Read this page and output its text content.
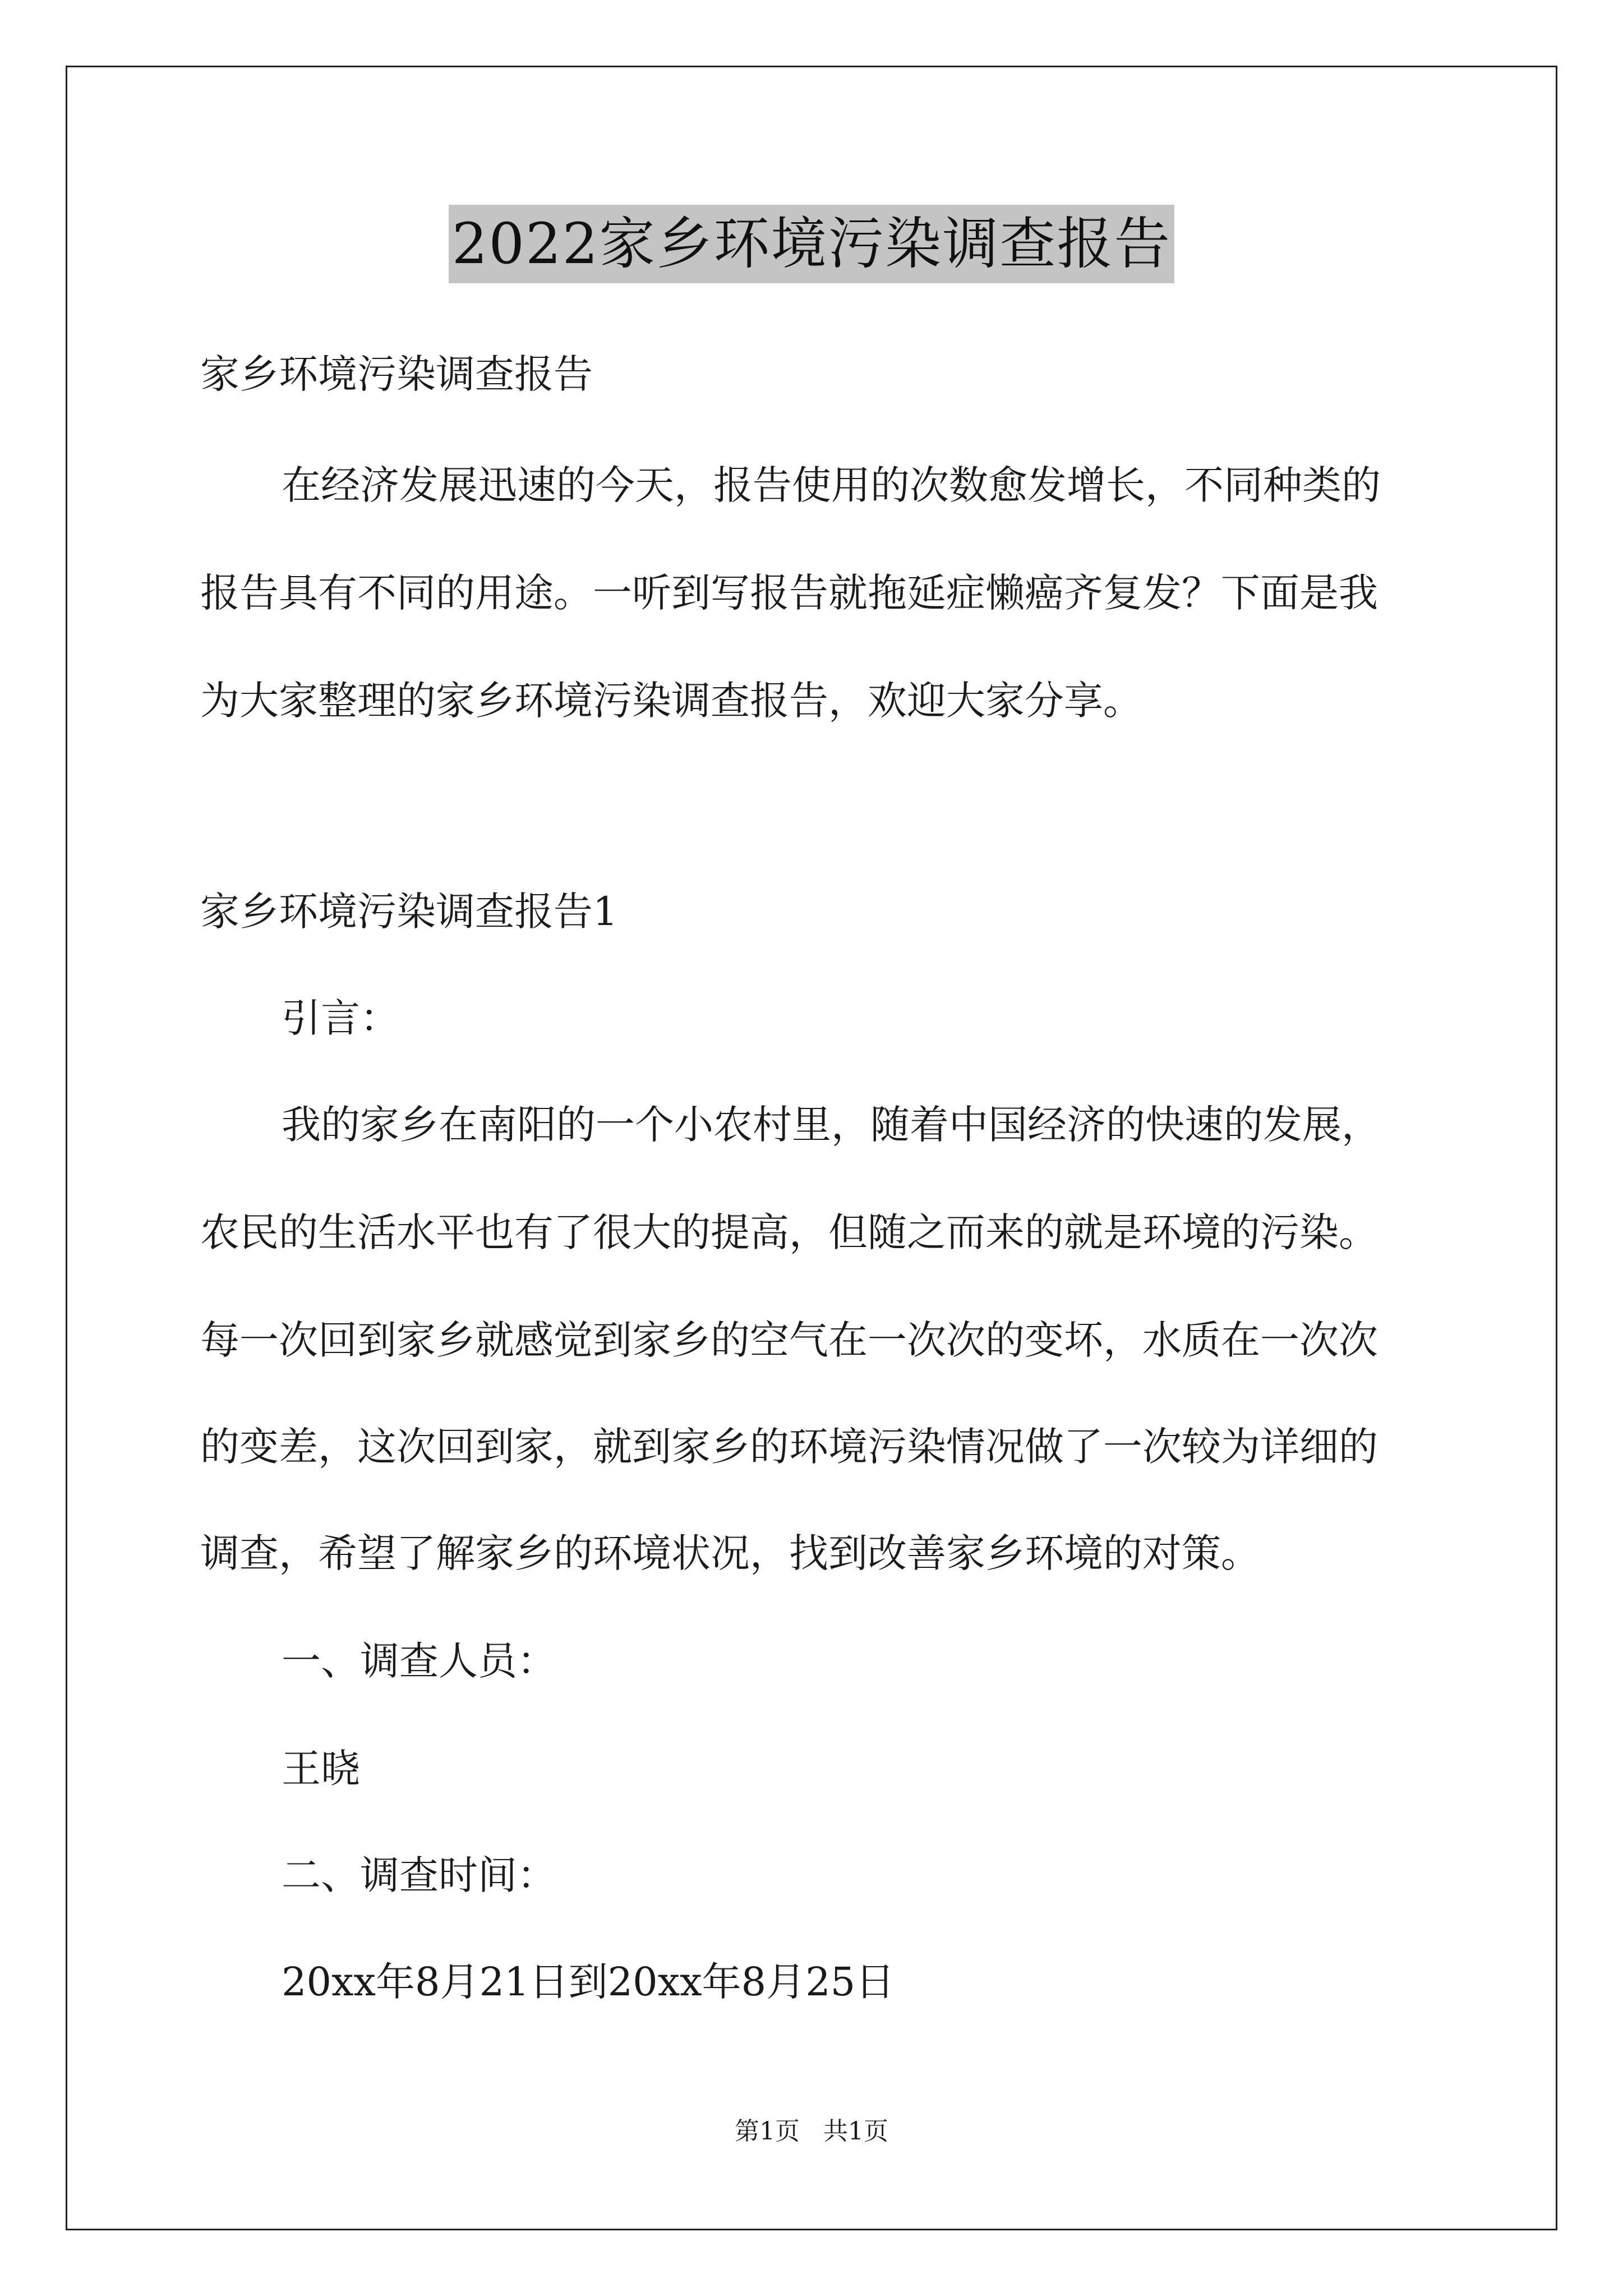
2022家乡环境污染调查报告
家乡环境污染调查报告
在经济发展迅速的今天，报告使用的次数愈发增长，不同种类的
报告具有不同的用途。一听到写报告就拖延症懒癌齐复发？下面是我
为大家整理的家乡环境污染调查报告，欢迎大家分享。
家乡环境污染调查报告1
引言：
我的家乡在南阳的一个小农村里，随着中国经济的快速的发展，
农民的生活水平也有了很大的提高，但随之而来的就是环境的污染。
每一次回到家乡就感觉到家乡的空气在一次次的变坏，水质在一次次
的变差，这次回到家，就到家乡的环境污染情况做了一次较为详细的
调查，希望了解家乡的环境状况，找到改善家乡环境的对策。
一、调查人员：
王晓
二、调查时间：
20xx年8月21日到20xx年8月25日
第1页   共1页
